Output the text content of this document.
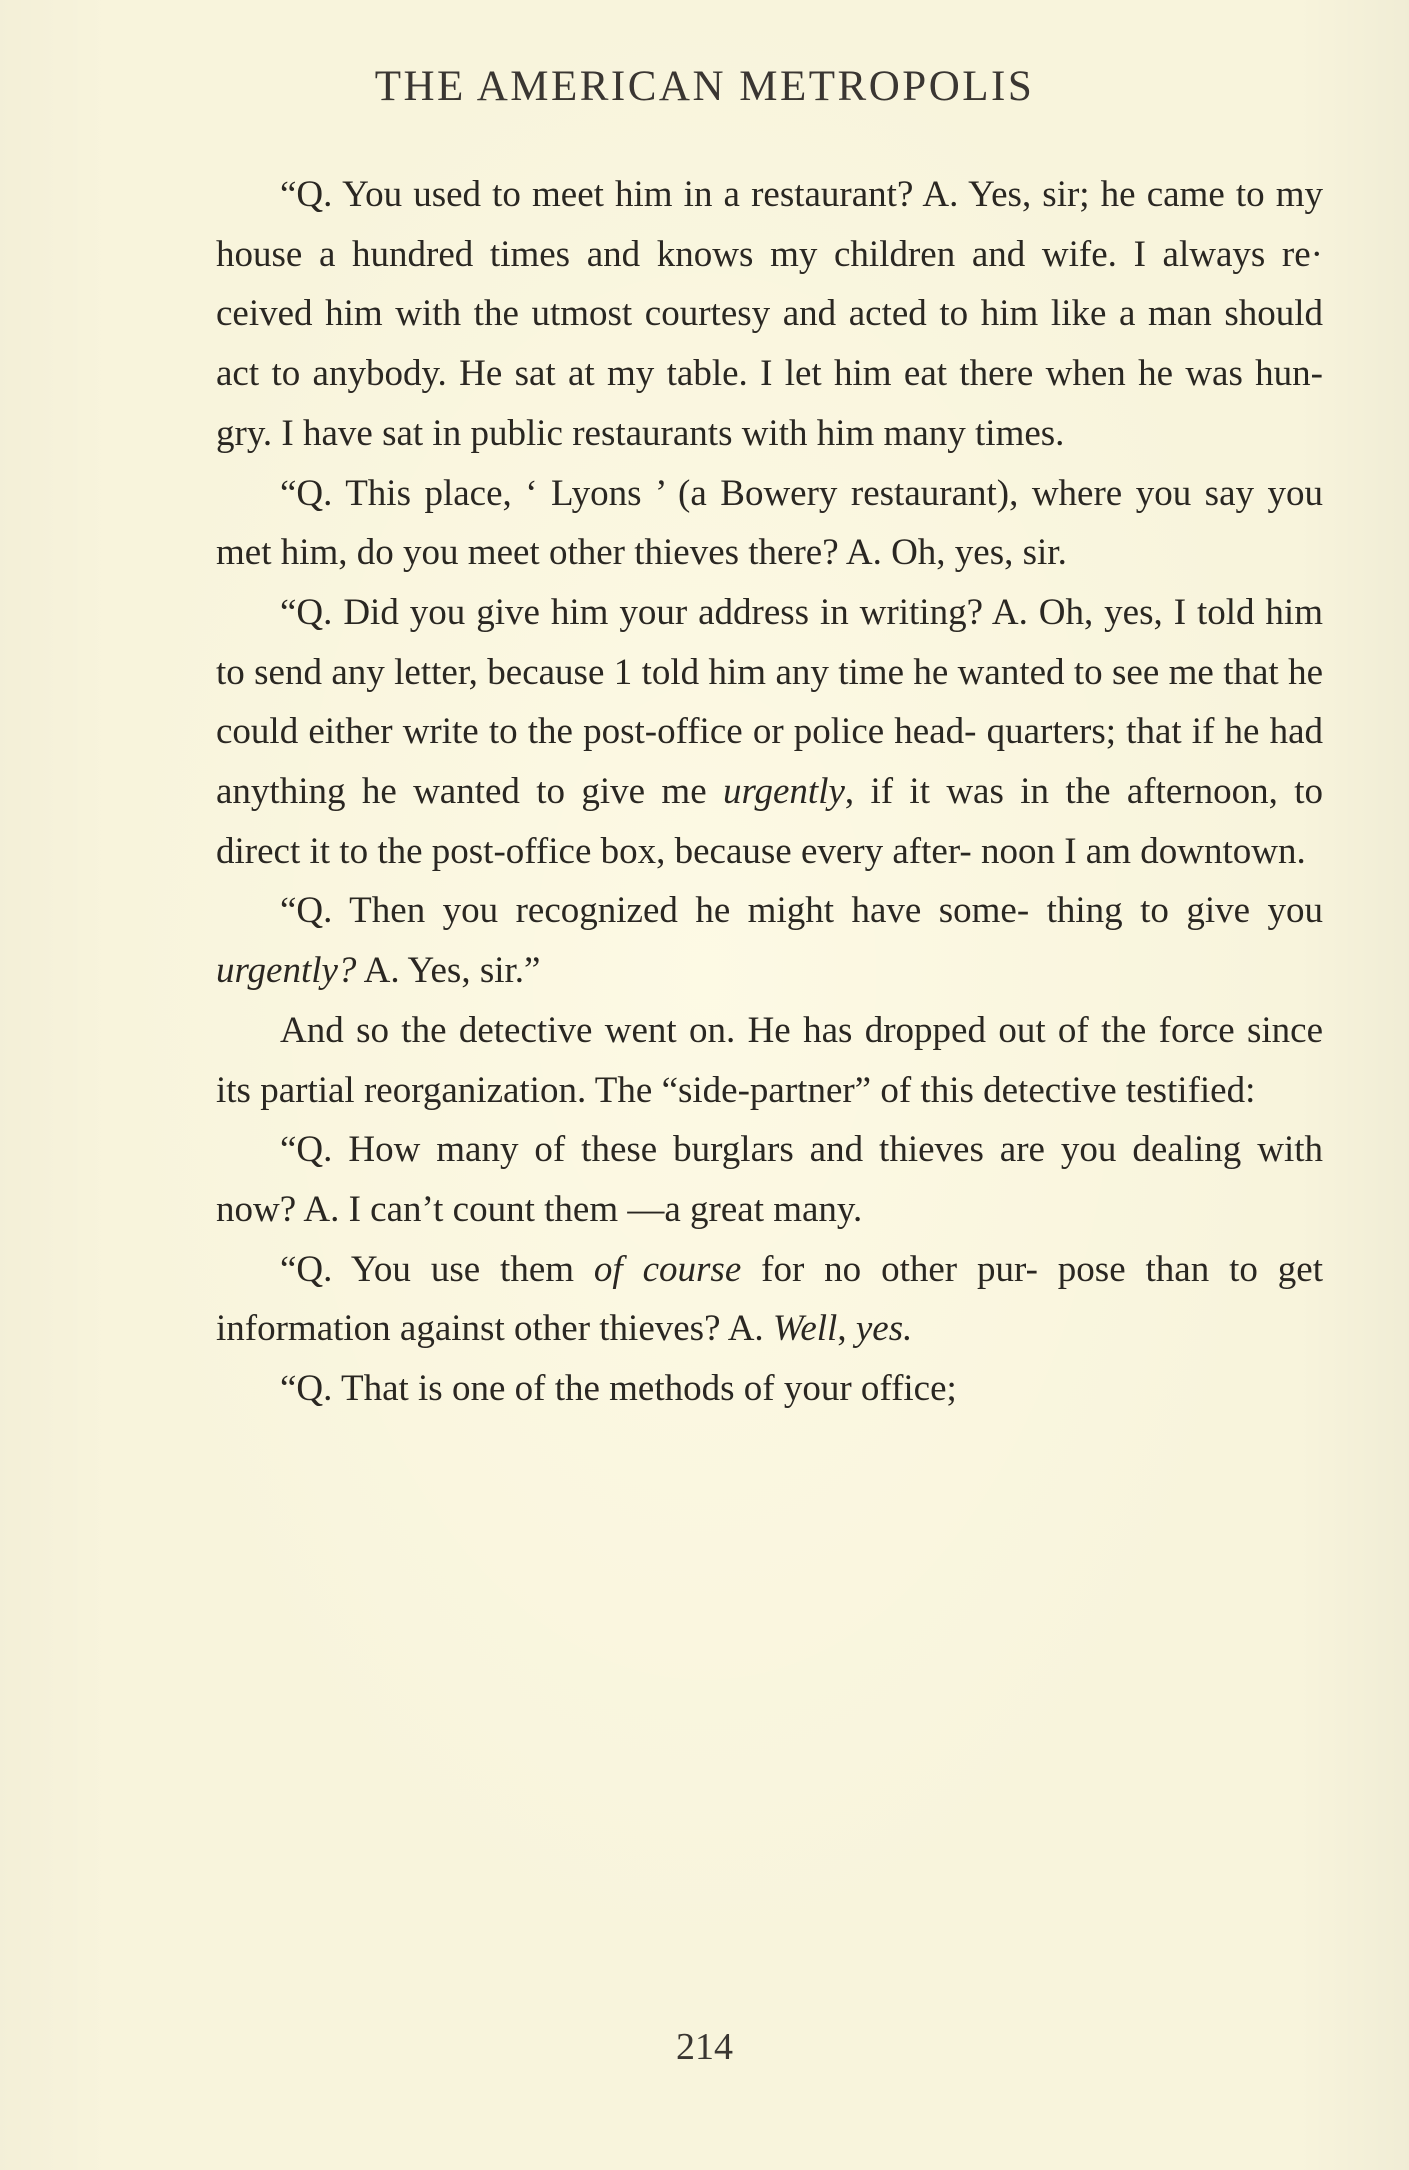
THE AMERICAN METROPOLIS

“Q. You used to meet him in a restaurant? A. Yes, sir; he came to my house a hundred times and knows my children and wife. I always re· ceived him with the utmost courtesy and acted to him like a man should act to anybody. He sat at my table. I let him eat there when he was hun- gry. I have sat in public restaurants with him many times.

“Q. This place, ‘ Lyons ’ (a Bowery restaurant), where you say you met him, do you meet other thieves there? A. Oh, yes, sir.

“Q. Did you give him your address in writing? A. Oh, yes, I told him to send any letter, because 1 told him any time he wanted to see me that he could either write to the post-office or police head- quarters; that if he had anything he wanted to give me urgently, if it was in the afternoon, to direct it to the post-office box, because every after- noon I am downtown.

“Q. Then you recognized he might have some- thing to give you urgently? A. Yes, sir.”

And so the detective went on. He has dropped out of the force since its partial reorganization. The “side-partner” of this detective testified:

“Q. How many of these burglars and thieves are you dealing with now? A. I can’t count them —a great many.

“Q. You use them of course for no other pur- pose than to get information against other thieves? A. Well, yes.

“Q. That is one of the methods of your office;

214
